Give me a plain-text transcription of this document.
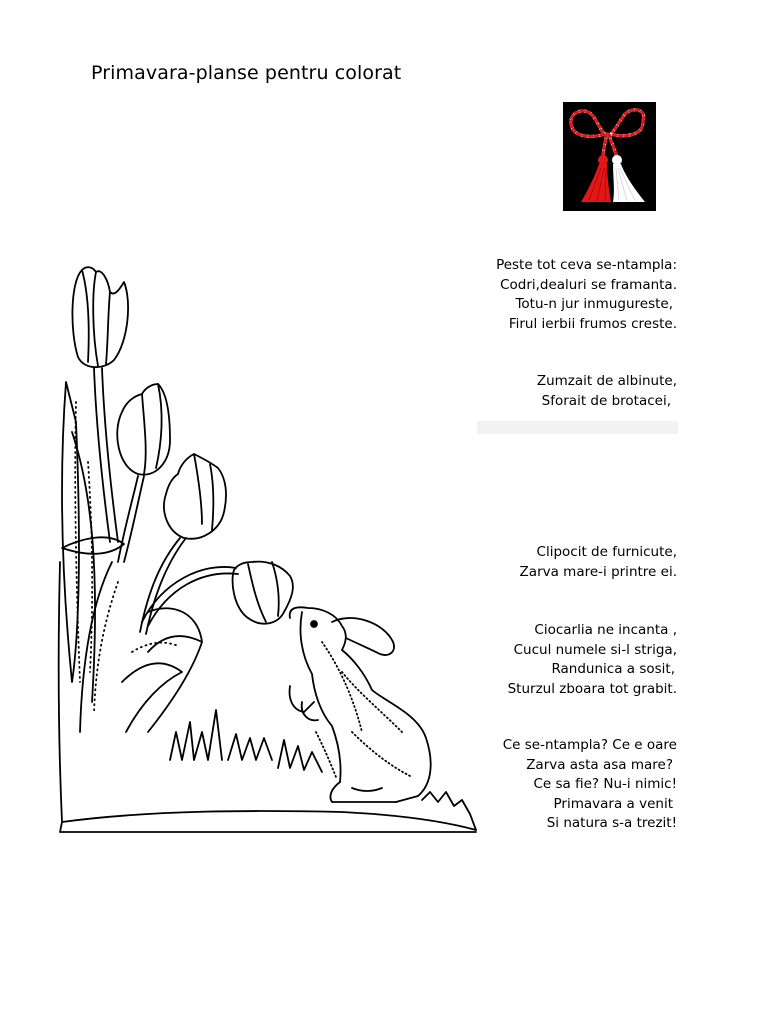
Primavara-planse pentru colorat
Peste tot ceva se-ntampla:
Codri,dealuri se framanta.
Totu-n jur inmugureste,
Firul ierbii frumos creste.
Zumzait de albinute,
Sforait de brotacei,
Clipocit de furnicute,
Zarva mare-i printre ei.
Ciocarlia ne incanta ,
Cucul numele si-l striga,
Randunica a sosit,
Sturzul zboara tot grabit.
Ce se-ntampla? Ce e oare
Zarva asta asa mare?
Ce sa fie? Nu-i nimic!
Primavara a venit
Si natura s-a trezit!
